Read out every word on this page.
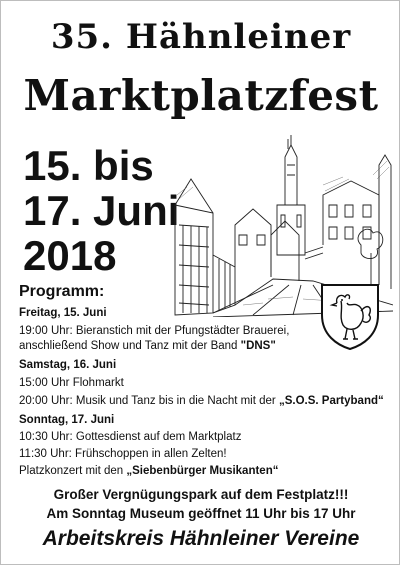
35. Hähnleiner
Marktplatzfest
15. bis
17. Juni
2018
Programm:
Freitag, 15. Juni
19:00 Uhr: Bieranstich mit der Pfungstädter Brauerei,
anschließend Show und Tanz mit der Band "DNS"
Samstag, 16. Juni
15:00 Uhr Flohmarkt
20:00 Uhr: Musik und Tanz bis in die Nacht mit der „S.O.S. Partyband“
Sonntag, 17. Juni
10:30 Uhr: Gottesdienst auf dem Marktplatz
11:30 Uhr: Frühschoppen in allen Zelten!
Platzkonzert mit den „Siebenbürger Musikanten“
Großer Vergnügungspark auf dem Festplatz!!!
Am Sonntag Museum geöffnet 11 Uhr bis 17 Uhr
Arbeitskreis Hähnleiner Vereine
